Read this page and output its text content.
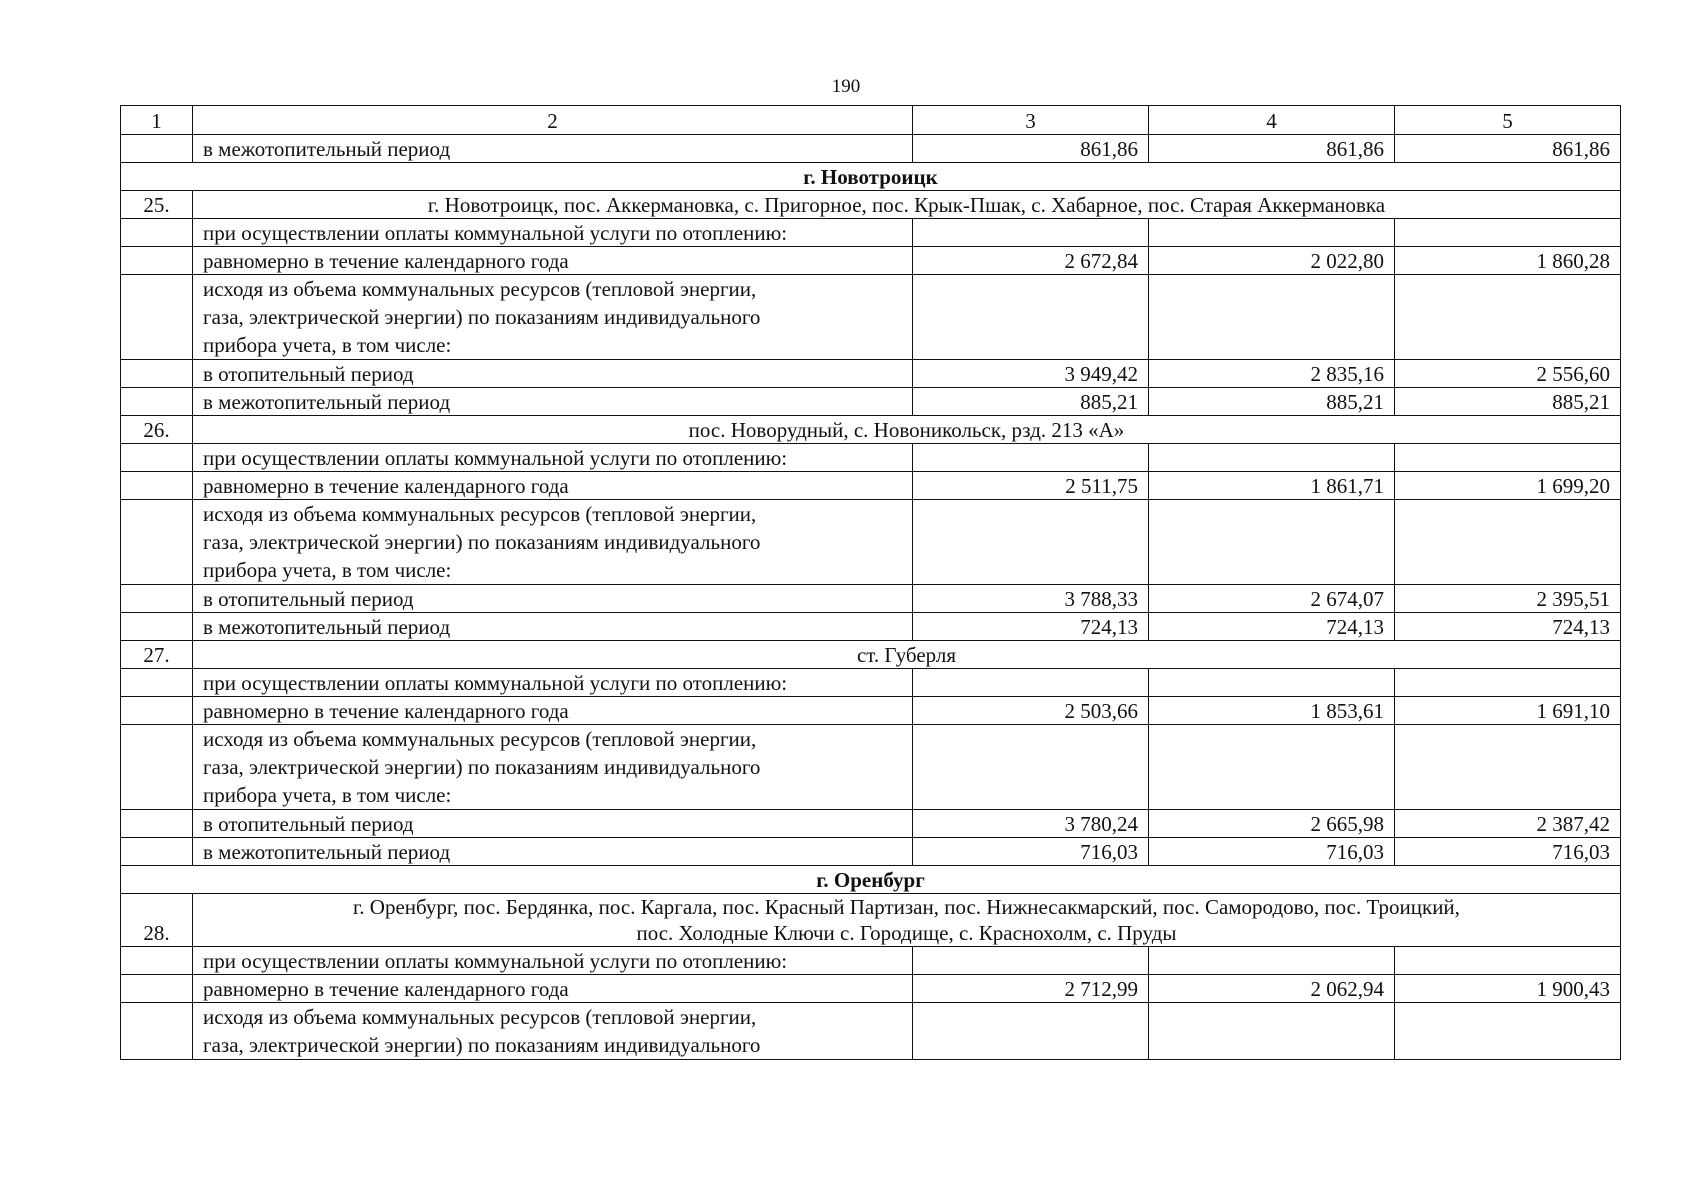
190
1	2	3	4	5
	в межотопительный период	861,86	861,86	861,86
г. Новотроицк				
25.	г. Новотроицк, пос. Аккермановка, с. Пригорное, пос. Крык-Пшак, с. Хабарное, пос. Старая Аккермановка			

	при осуществлении оплаты коммунальной услуги по отоплению:			
	равномерно в течение календарного года	2 672,84	2 022,80	1 860,28

	исходя из объема коммунальных ресурсов (тепловой энергии,
газа, электрической энергии) по показаниям индивидуального
прибора учета, в том числе:			

	в отопительный период	3 949,42	2 835,16	2 556,60
	в межотопительный период	885,21	885,21	885,21
26.	пос. Новорудный, с. Новоникольск, рзд. 213 «А»			

	при осуществлении оплаты коммунальной услуги по отоплению:			
	равномерно в течение календарного года	2 511,75	1 861,71	1 699,20

	исходя из объема коммунальных ресурсов (тепловой энергии,
газа, электрической энергии) по показаниям индивидуального
прибора учета, в том числе:			

	в отопительный период	3 788,33	2 674,07	2 395,51
	в межотопительный период	724,13	724,13	724,13
27.	ст. Губерля			

	при осуществлении оплаты коммунальной услуги по отоплению:			
	равномерно в течение календарного года	2 503,66	1 853,61	1 691,10

	исходя из объема коммунальных ресурсов (тепловой энергии,
газа, электрической энергии) по показаниям индивидуального
прибора учета, в том числе:			

	в отопительный период	3 780,24	2 665,98	2 387,42
	в межотопительный период	716,03	716,03	716,03
г. Оренбург				
28.	г. Оренбург, пос. Бердянка, пос. Каргала, пос. Красный Партизан, пос. Нижнесакмарский, пос. Самородово, пос. Троицкий,
пос. Холодные Ключи с. Городище, с. Краснохолм, с. Пруды			

	при осуществлении оплаты коммунальной услуги по отоплению:			
	равномерно в течение календарного года	2 712,99	2 062,94	1 900,43

	исходя из объема коммунальных ресурсов (тепловой энергии,
газа, электрической энергии) по показаниям индивидуального			
